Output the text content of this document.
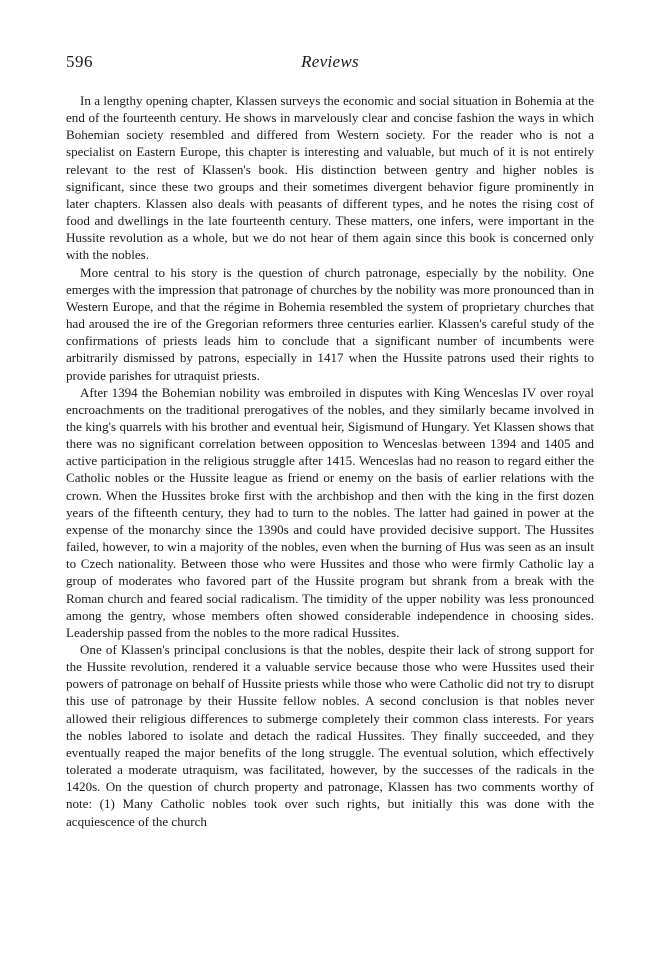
596	Reviews

In a lengthy opening chapter, Klassen surveys the economic and social situation in Bohemia at the end of the fourteenth century. He shows in marvelously clear and concise fashion the ways in which Bohemian society resembled and differed from Western society. For the reader who is not a specialist on Eastern Europe, this chapter is interesting and valuable, but much of it is not entirely relevant to the rest of Klassen's book. His distinction between gentry and higher nobles is significant, since these two groups and their sometimes divergent behavior figure prominently in later chapters. Klassen also deals with peasants of different types, and he notes the rising cost of food and dwellings in the late fourteenth century. These matters, one infers, were important in the Hussite revolution as a whole, but we do not hear of them again since this book is concerned only with the nobles.

More central to his story is the question of church patronage, especially by the nobility. One emerges with the impression that patronage of churches by the nobility was more pronounced than in Western Europe, and that the régime in Bohemia resembled the system of proprietary churches that had aroused the ire of the Gregorian reformers three centuries earlier. Klassen's careful study of the confirmations of priests leads him to conclude that a significant number of incumbents were arbitrarily dismissed by patrons, especially in 1417 when the Hussite patrons used their rights to provide parishes for utraquist priests.

After 1394 the Bohemian nobility was embroiled in disputes with King Wenceslas IV over royal encroachments on the traditional prerogatives of the nobles, and they similarly became involved in the king's quarrels with his brother and eventual heir, Sigismund of Hungary. Yet Klassen shows that there was no significant correlation between opposition to Wenceslas between 1394 and 1405 and active participation in the religious struggle after 1415. Wenceslas had no reason to regard either the Catholic nobles or the Hussite league as friend or enemy on the basis of earlier relations with the crown. When the Hussites broke first with the archbishop and then with the king in the first dozen years of the fifteenth century, they had to turn to the nobles. The latter had gained in power at the expense of the monarchy since the 1390s and could have provided decisive support. The Hussites failed, however, to win a majority of the nobles, even when the burning of Hus was seen as an insult to Czech nationality. Between those who were Hussites and those who were firmly Catholic lay a group of moderates who favored part of the Hussite program but shrank from a break with the Roman church and feared social radicalism. The timidity of the upper nobility was less pronounced among the gentry, whose members often showed considerable independence in choosing sides. Leadership passed from the nobles to the more radical Hussites.

One of Klassen's principal conclusions is that the nobles, despite their lack of strong support for the Hussite revolution, rendered it a valuable service because those who were Hussites used their powers of patronage on behalf of Hussite priests while those who were Catholic did not try to disrupt this use of patronage by their Hussite fellow nobles. A second conclusion is that nobles never allowed their religious differences to submerge completely their common class interests. For years the nobles labored to isolate and detach the radical Hussites. They finally succeeded, and they eventually reaped the major benefits of the long struggle. The eventual solution, which effectively tolerated a moderate utraquism, was facilitated, however, by the successes of the radicals in the 1420s. On the question of church property and patronage, Klassen has two comments worthy of note: (1) Many Catholic nobles took over such rights, but initially this was done with the acquiescence of the church
